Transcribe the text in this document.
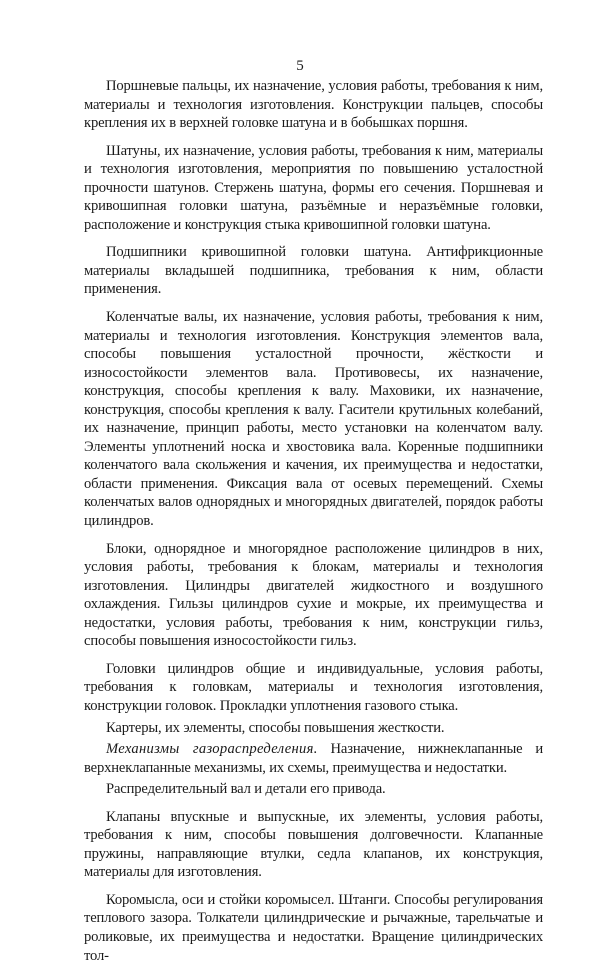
5

Поршневые пальцы, их назначение, условия работы, требования к ним, материалы и технология изготовления. Конструкции пальцев, способы крепления их в верхней головке шатуна и в бобышках поршня.

Шатуны, их назначение, условия работы, требования к ним, материалы и технология изготовления, мероприятия по повышению усталостной прочности шатунов. Стержень шатуна, формы его сечения. Поршневая и кривошипная головки шатуна, разъёмные и неразъёмные головки, расположение и конструкция стыка кривошипной головки шатуна.

Подшипники кривошипной головки шатуна. Антифрикционные материалы вкладышей подшипника, требования к ним, области применения.

Коленчатые валы, их назначение, условия работы, требования к ним, материалы и технология изготовления. Конструкция элементов вала, способы повышения усталостной прочности, жёсткости и износостойкости элементов вала. Противовесы, их назначение, конструкция, способы крепления к валу. Маховики, их назначение, конструкция, способы крепления к валу. Гасители крутильных колебаний, их назначение, принцип работы, место установки на коленчатом валу. Элементы уплотнений носка и хвостовика вала. Коренные подшипники коленчатого вала скольжения и качения, их преимущества и недостатки, области применения. Фиксация вала от осевых перемещений. Схемы коленчатых валов однорядных и многорядных двигателей, порядок работы цилиндров.

Блоки, однорядное и многорядное расположение цилиндров в них, условия работы, требования к блокам, материалы и технология изготовления. Цилиндры двигателей жидкостного и воздушного охлаждения. Гильзы цилиндров сухие и мокрые, их преимущества и недостатки, условия работы, требования к ним, конструкции гильз, способы повышения износостойкости гильз.

Головки цилиндров общие и индивидуальные, условия работы, требования к головкам, материалы и технология изготовления, конструкции головок. Прокладки уплотнения газового стыка.

Картеры, их элементы, способы повышения жесткости.

Механизмы газораспределения. Назначение, нижнеклапанные и верхнеклапанные механизмы, их схемы, преимущества и недостатки.

Распределительный вал и детали его привода.

Клапаны впускные и выпускные, их элементы, условия работы, требования к ним, способы повышения долговечности. Клапанные пружины, направляющие втулки, седла клапанов, их конструкция, материалы для изготовления.

Коромысла, оси и стойки коромысел. Штанги. Способы регулирования теплового зазора. Толкатели цилиндрические и рычажные, тарельчатые и роликовые, их преимущества и недостатки. Вращение цилиндрических тол-
